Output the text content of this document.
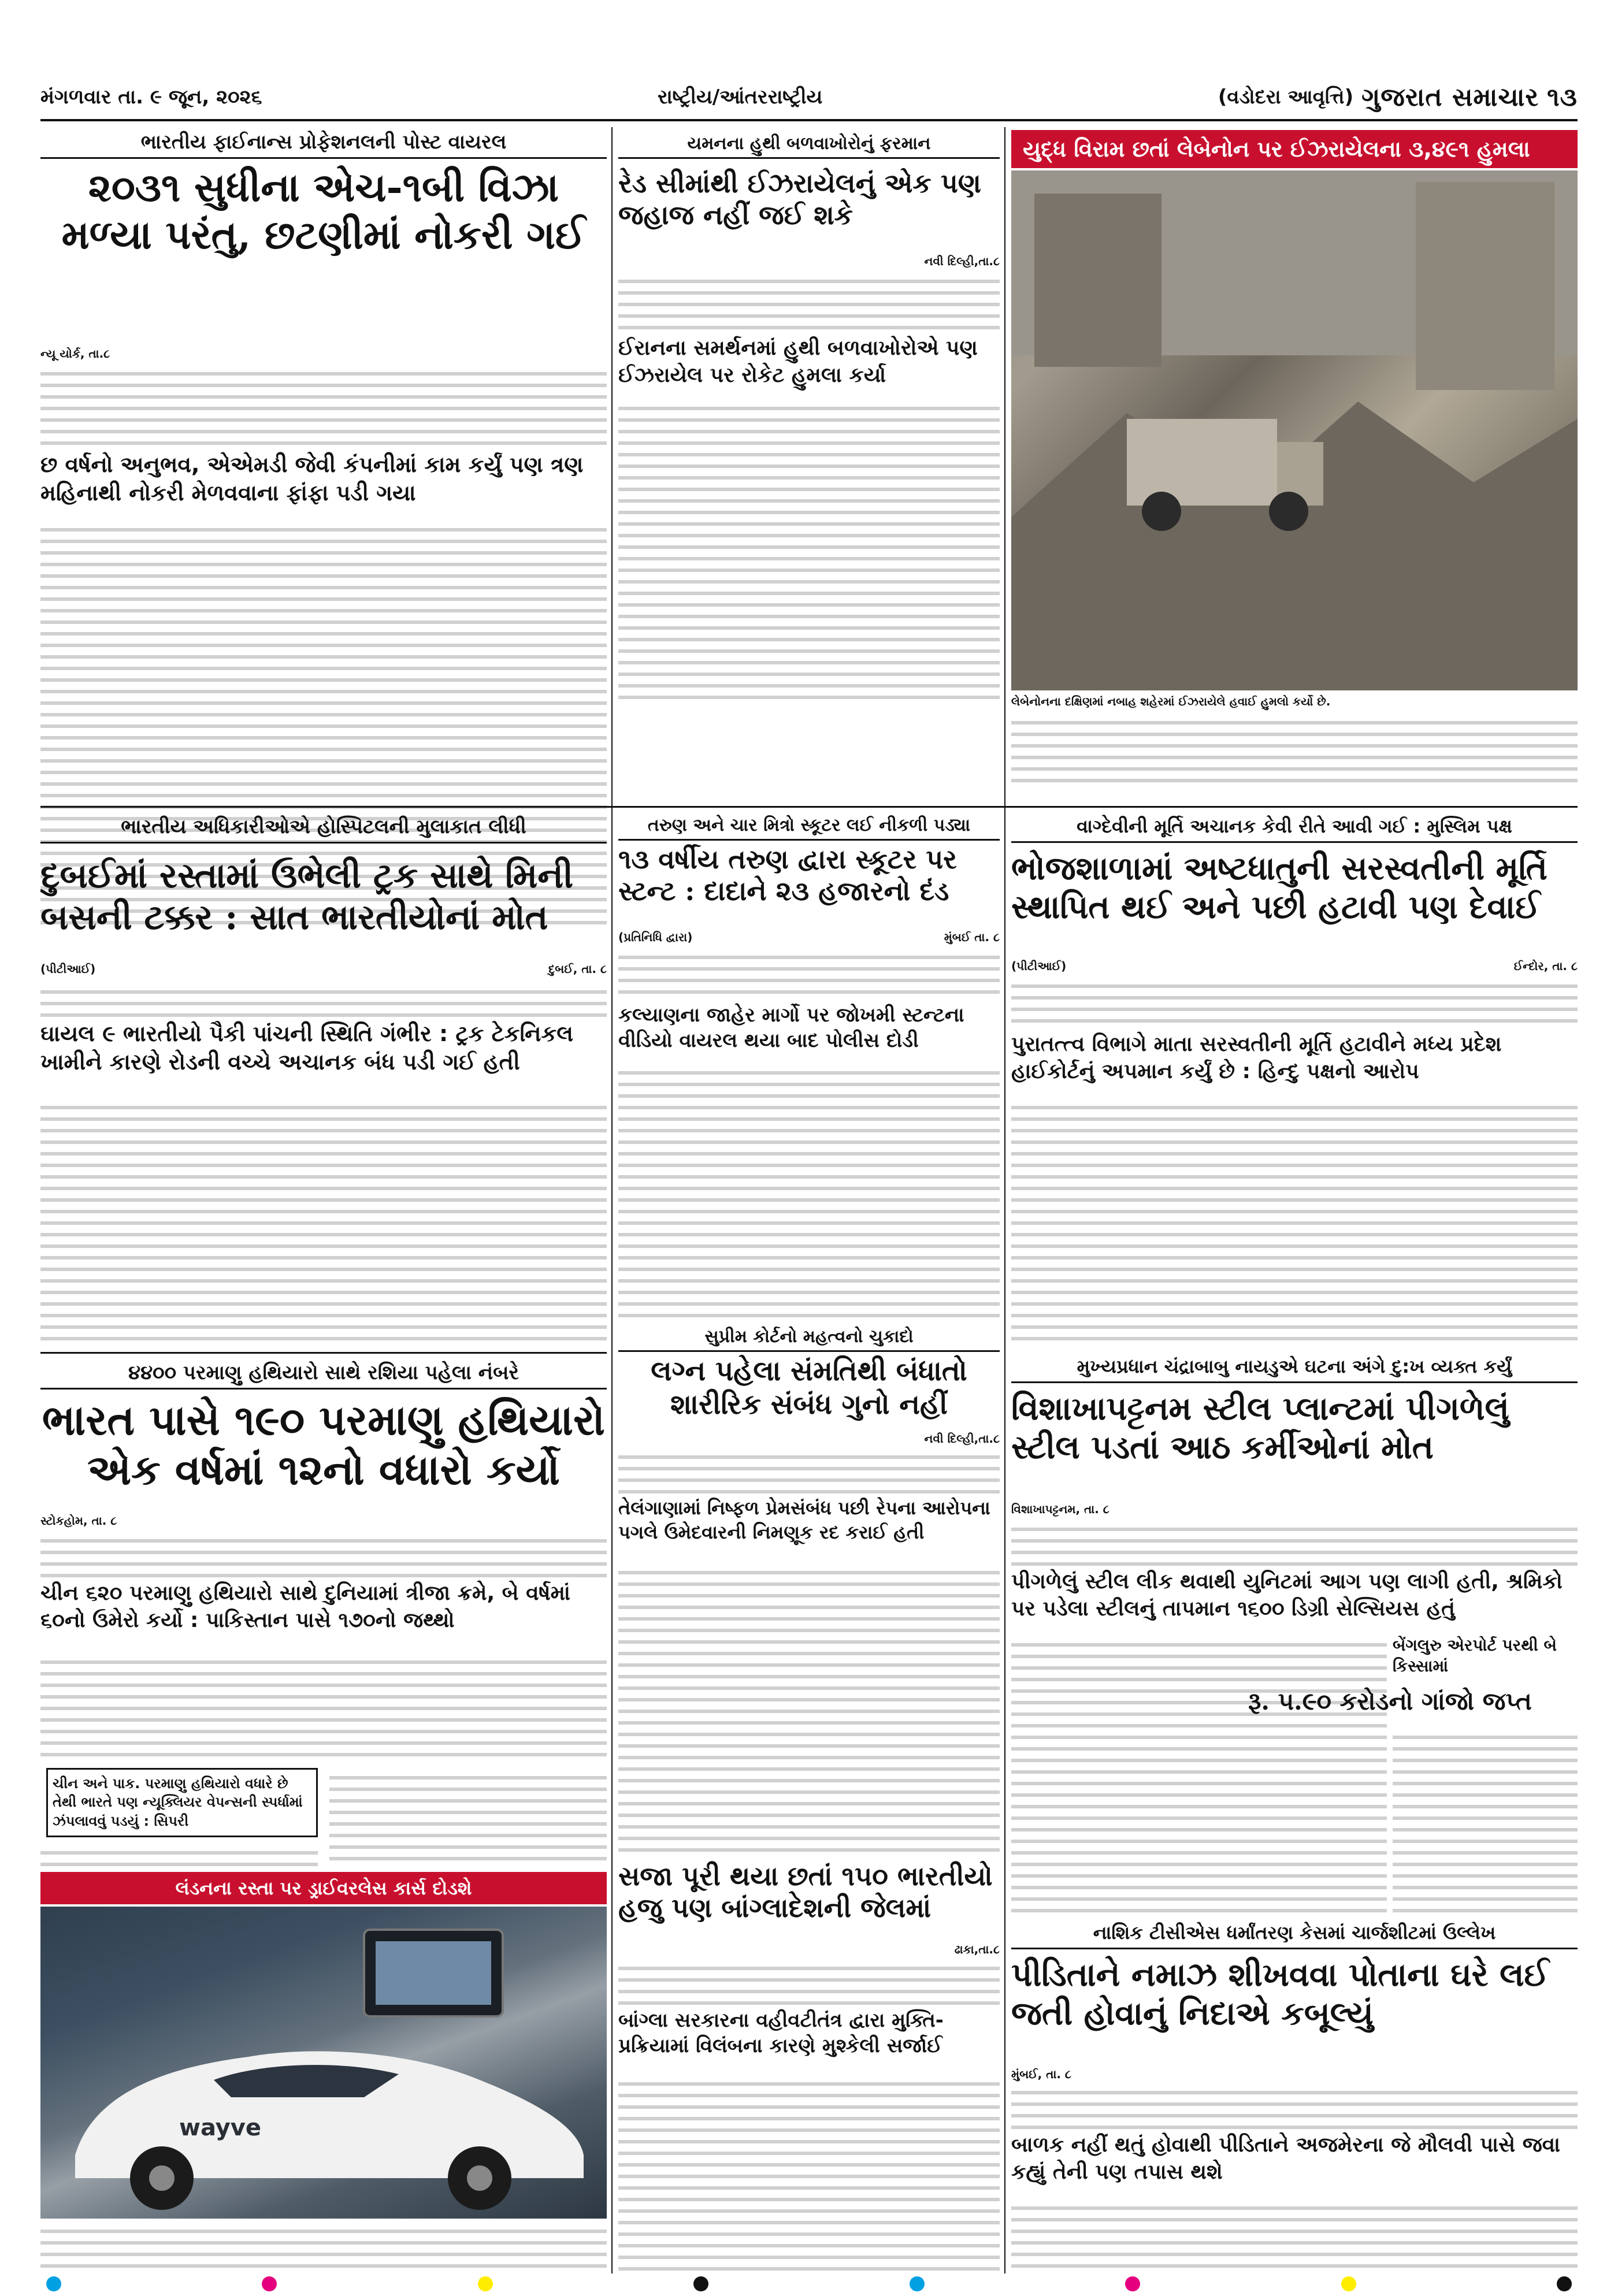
મંગળવાર તા. ૯ જૂન, ૨૦૨૬	રાષ્ટ્રીય/આંતરરાષ્ટ્રીય	(વડોદરા આવૃત્તિ) ગુજરાત સમાચાર ૧૩
ભારતીય ફાઈનાન્સ પ્રોફેશનલની પોસ્ટ વાયરલ
૨૦૩૧ સુધીના એચ-૧બી વિઝા
મળ્યા પરંતુ, છટણીમાં નોકરી ગઈ
ન્યૂ યોર્ક, તા.૮
છ વર્ષનો અનુભવ, એએમડી જેવી કંપનીમાં કામ કર્યું પણ ત્રણ મહિનાથી નોકરી મેળવવાના ફાંફા પડી ગયા
યમનના હુથી બળવાખોરોનું ફરમાન
રેડ સીમાંથી ઈઝરાયેલનું એક પણ જહાજ નહીં જઈ શકે
નવી દિલ્હી,તા.૮
ઈરાનના સમર્થનમાં હુથી બળવાખોરોએ પણ ઈઝરાયેલ પર રોકેટ હુમલા કર્યા
યુદ્ધ વિરામ છતાં લેબેનોન પર ઈઝરાયેલના ૩,૪૯૧ હુમલા
લેબેનોનના દક્ષિણમાં નબાહ શહેરમાં ઈઝરાયેલે હવાઈ હુમલો કર્યો છે.
ભારતીય અધિકારીઓએ હોસ્પિટલની મુલાકાત લીધી
દુબઈમાં રસ્તામાં ઉભેલી ટ્રક સાથે મિની
બસની ટક્કર : સાત ભારતીયોનાં મોત
(પીટીઆઈ)	દુબઈ, તા. ૮
ઘાયલ ૯ ભારતીયો પૈકી પાંચની સ્થિતિ ગંભીર : ટ્રક ટેકનિકલ ખામીને કારણે રોડની વચ્ચે અચાનક બંધ પડી ગઈ હતી
તરુણ અને ચાર મિત્રો સ્કૂટર લઈ નીકળી પડ્યા
૧૩ વર્ષીય તરુણ દ્વારા સ્કૂટર પર સ્ટન્ટ : દાદાને ૨૩ હજારનો દંડ
(પ્રતિનિધિ દ્વારા)	મુંબઈ તા. ૮
કલ્યાણના જાહેર માર્ગો પર જોખમી સ્ટન્ટના વીડિયો વાયરલ થયા બાદ પોલીસ દોડી
વાગ્દેવીની મૂર્તિ અચાનક કેવી રીતે આવી ગઈ : મુસ્લિમ પક્ષ
ભોજશાળામાં અષ્ટધાતુની સરસ્વતીની મૂર્તિ સ્થાપિત થઈ અને પછી હટાવી પણ દેવાઈ
(પીટીઆઈ)	ઈન્દોર, તા. ૮
પુરાતત્ત્વ વિભાગે માતા સરસ્વતીની મૂર્તિ હટાવીને મધ્ય પ્રદેશ હાઈકોર્ટનું અપમાન કર્યું છે : હિન્દુ પક્ષનો આરોપ
૪૪૦૦ પરમાણુ હથિયારો સાથે રશિયા પહેલા નંબરે
ભારત પાસે ૧૯૦ પરમાણુ હથિયારો
એક વર્ષમાં ૧૨નો વધારો કર્યો
સ્ટોકહોમ, તા. ૮
ચીન ૬૨૦ પરમાણુ હથિયારો સાથે દુનિયામાં ત્રીજા ક્રમે, બે વર્ષમાં ૬૦નો ઉમેરો કર્યો : પાકિસ્તાન પાસે ૧૭૦નો જથ્થો
ચીન અને પાક. પરમાણુ હથિયારો વધારે છે તેથી ભારતે પણ ન્યૂક્લિયર વેપન્સની સ્પર્ધામાં ઝંપલાવવું પડયું : સિપરી
સુપ્રીમ કોર્ટનો મહત્વનો ચુકાદો
લગ્ન પહેલા સંમતિથી બંધાતો શારીરિક સંબંધ ગુનો નહીં
નવી દિલ્હી,તા.૮
તેલંગાણામાં નિષ્ફળ પ્રેમસંબંધ પછી રેપના આરોપના પગલે ઉમેદવારની નિમણૂક રદ કરાઈ હતી
મુખ્યપ્રધાન ચંદ્રાબાબુ નાયડુએ ઘટના અંગે દુ:ખ વ્યક્ત કર્યું
વિશાખાપટ્ટનમ સ્ટીલ પ્લાન્ટમાં પીગળેલું સ્ટીલ પડતાં આઠ કર્મીઓનાં મોત
વિશાખાપટ્ટનમ, તા. ૮
પીગળેલું સ્ટીલ લીક થવાથી યુનિટમાં આગ પણ લાગી હતી, શ્રમિકો પર પડેલા સ્ટીલનું તાપમાન ૧૬૦૦ ડિગ્રી સેલ્સિયસ હતું
બેંગલુરુ એરપોર્ટ પરથી બે કિસ્સામાં
રૂ. ૫.૯૦ કરોડનો ગાંજો જપ્ત
લંડનના રસ્તા પર ડ્રાઈવરલેસ કાર્સ દોડશે
wayve
સજા પૂરી થયા છતાં ૧૫૦ ભારતીયો હજુ પણ બાંગ્લાદેશની જેલમાં
ઢાકા,તા.૮
બાંગ્લા સરકારના વહીવટીતંત્ર દ્વારા મુક્તિ-પ્રક્રિયામાં વિલંબના કારણે મુશ્કેલી સર્જાઈ
નાશિક ટીસીએસ ધર્માંતરણ કેસમાં ચાર્જશીટમાં ઉલ્લેખ
પીડિતાને નમાઝ શીખવવા પોતાના ઘરે લઈ જતી હોવાનું નિદાએ કબૂલ્યું
મુંબઈ, તા. ૮
બાળક નહીં થતું હોવાથી પીડિતાને અજમેરના જે મૌલવી પાસે જવા કહ્યું તેની પણ તપાસ થશે
